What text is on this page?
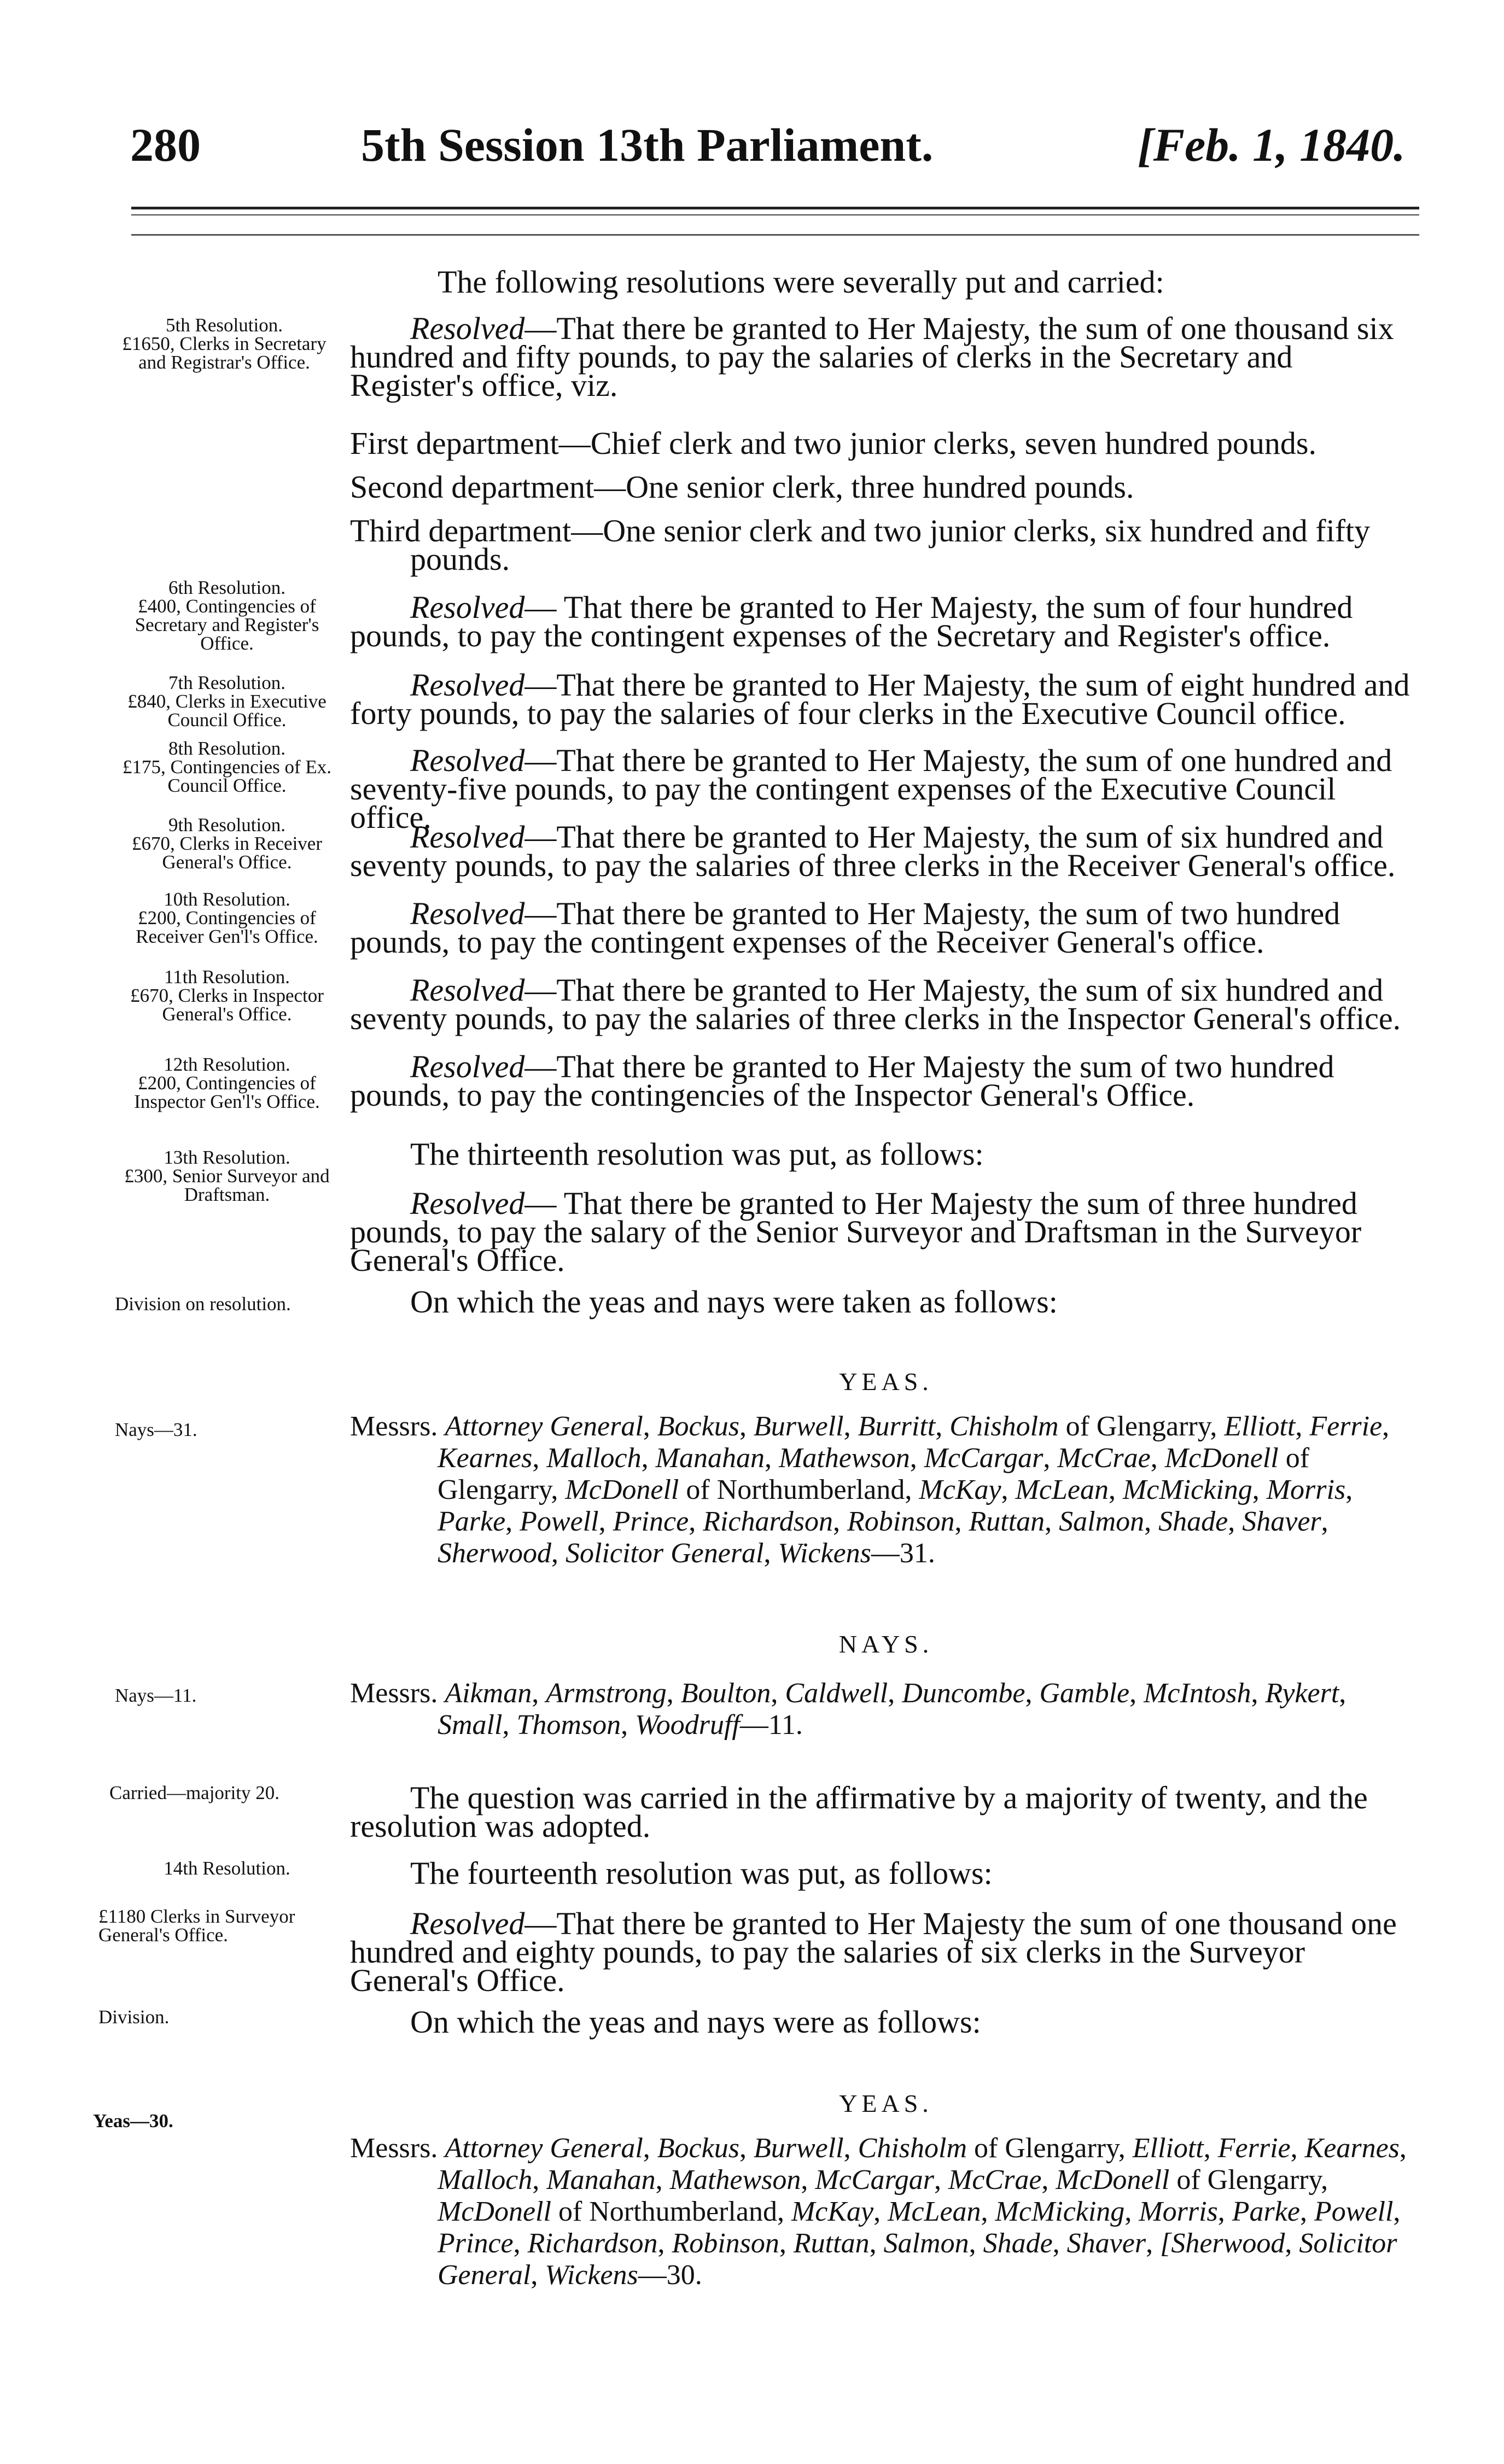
280	5th Session 13th Parliament.	[Feb. 1, 1840.
5th Resolution.
£1650, Clerks in Secretary and Registrar's Office.
6th Resolution.
£400, Contingencies of Secretary and Register's Office.
7th Resolution.
£840, Clerks in Executive Council Office.
8th Resolution.
£175, Contingencies of Ex. Council Office.
9th Resolution.
£670, Clerks in Receiver General's Office.
10th Resolution.
£200, Contingencies of Receiver Gen'l's Office.
11th Resolution.
£670, Clerks in Inspector General's Office.
12th Resolution.
£200, Contingencies of Inspector Gen'l's Office.
13th Resolution.
£300, Senior Surveyor and Draftsman.
Division on resolution.
Nays—31.
Nays—11.
Carried—majority 20.
14th Resolution.
£1180 Clerks in Surveyor General's Office.
Division.
Yeas—30.

The following resolutions were severally put and carried:

Resolved—That there be granted to Her Majesty, the sum of one thousand six hundred and fifty pounds, to pay the salaries of clerks in the Secretary and Register's office, viz.

First department—Chief clerk and two junior clerks, seven hundred pounds.

Second department—One senior clerk, three hundred pounds.

Third department—One senior clerk and two junior clerks, six hundred and fifty pounds.

Resolved— That there be granted to Her Majesty, the sum of four hundred pounds, to pay the contingent expenses of the Secretary and Register's office.

Resolved—That there be granted to Her Majesty, the sum of eight hundred and forty pounds, to pay the salaries of four clerks in the Executive Council office.

Resolved—That there be granted to Her Majesty, the sum of one hundred and seventy-five pounds, to pay the contingent expenses of the Executive Council office.

Resolved—That there be granted to Her Majesty, the sum of six hundred and seventy pounds, to pay the salaries of three clerks in the Receiver General's office.

Resolved—That there be granted to Her Majesty, the sum of two hundred pounds, to pay the contingent expenses of the Receiver General's office.

Resolved—That there be granted to Her Majesty, the sum of six hundred and seventy pounds, to pay the salaries of three clerks in the Inspector General's office.

Resolved—That there be granted to Her Majesty the sum of two hundred pounds, to pay the contingencies of the Inspector General's Office.

The thirteenth resolution was put, as follows:

Resolved— That there be granted to Her Majesty the sum of three hundred pounds, to pay the salary of the Senior Surveyor and Draftsman in the Surveyor General's Office.

On which the yeas and nays were taken as follows:

YEAS.

Messrs. Attorney General, Bockus, Burwell, Burritt, Chisholm of Glengarry, Elliott, Ferrie, Kearnes, Malloch, Manahan, Mathewson, McCargar, McCrae, McDonell of Glengarry, McDonell of Northumberland, McKay, McLean, McMicking, Morris, Parke, Powell, Prince, Richardson, Robinson, Ruttan, Salmon, Shade, Shaver, Sherwood, Solicitor General, Wickens—31.

NAYS.

Messrs. Aikman, Armstrong, Boulton, Caldwell, Duncombe, Gamble, McIntosh, Rykert, Small, Thomson, Woodruff—11.

The question was carried in the affirmative by a majority of twenty, and the resolution was adopted.

The fourteenth resolution was put, as follows:

Resolved—That there be granted to Her Majesty the sum of one thousand one hundred and eighty pounds, to pay the salaries of six clerks in the Surveyor General's Office.

On which the yeas and nays were as follows:

YEAS.

Messrs. Attorney General, Bockus, Burwell, Chisholm of Glengarry, Elliott, Ferrie, Kearnes, Malloch, Manahan, Mathewson, McCargar, McCrae, McDonell of Glengarry, McDonell of Northumberland, McKay, McLean, McMicking, Morris, Parke, Powell, Prince, Richardson, Robinson, Ruttan, Salmon, Shade, Shaver, [Sherwood, Solicitor General, Wickens—30.
